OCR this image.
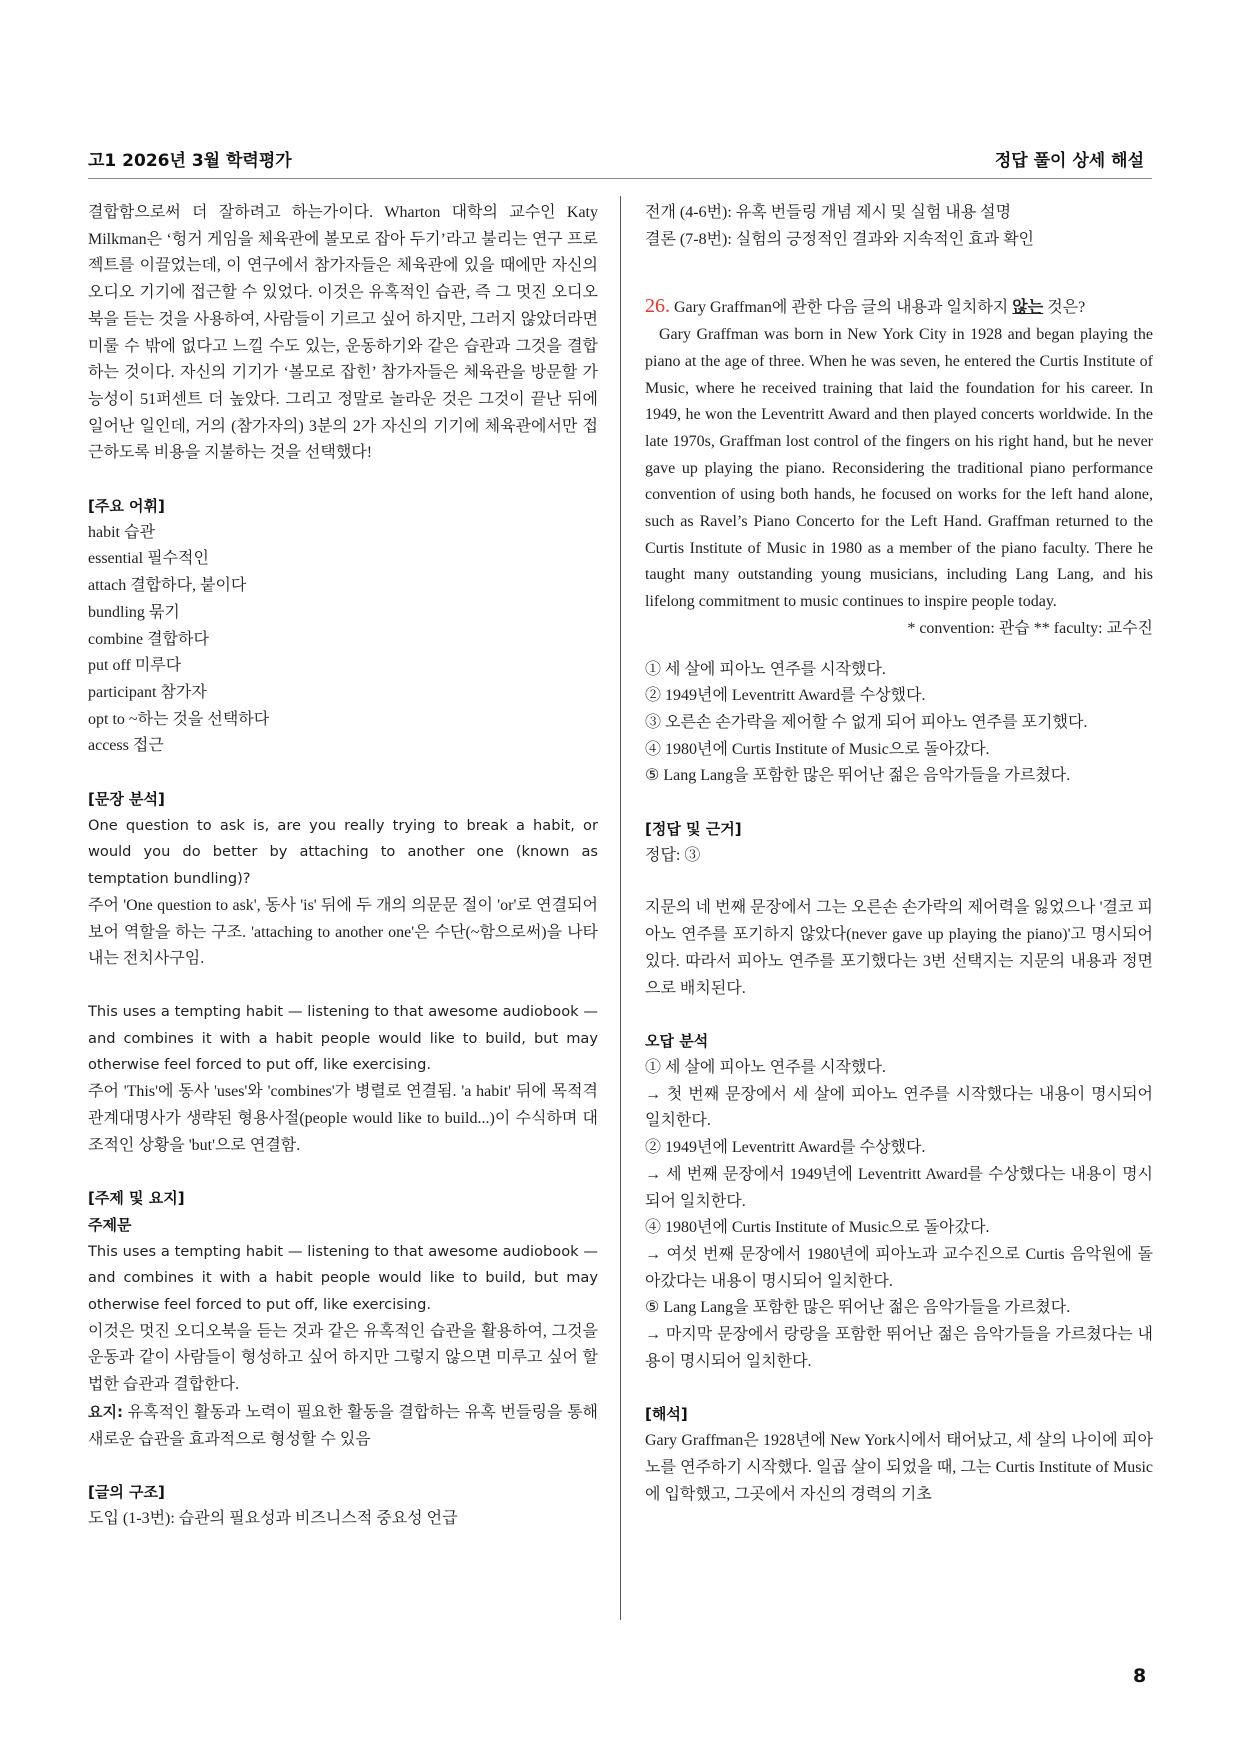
고1 2026년 3월 학력평가	정답 풀이 상세 해설

결합함으로써 더 잘하려고 하는가이다. Wharton 대학의 교수인 Katy Milkman은 ‘헝거 게임을 체육관에 볼모로 잡아 두기’라고 불리는 연구 프로젝트를 이끌었는데, 이 연구에서 참가자들은 체육관에 있을 때에만 자신의 오디오 기기에 접근할 수 있었다. 이것은 유혹적인 습관, 즉 그 멋진 오디오북을 듣는 것을 사용하여, 사람들이 기르고 싶어 하지만, 그러지 않았더라면 미룰 수 밖에 없다고 느낄 수도 있는, 운동하기와 같은 습관과 그것을 결합하는 것이다. 자신의 기기가 ‘볼모로 잡힌’ 참가자들은 체육관을 방문할 가능성이 51퍼센트 더 높았다. 그리고 정말로 놀라운 것은 그것이 끝난 뒤에 일어난 일인데, 거의 (참가자의) 3분의 2가 자신의 기기에 체육관에서만 접근하도록 비용을 지불하는 것을 선택했다!

[주요 어휘]

habit 습관
essential 필수적인
attach 결합하다, 붙이다
bundling 묶기
combine 결합하다
put off 미루다
participant 참가자
opt to ~하는 것을 선택하다
access 접근

[문장 분석]

One question to ask is, are you really trying to break a habit, or would you do better by attaching to another one (known as temptation bundling)?

주어 'One question to ask', 동사 'is' 뒤에 두 개의 의문문 절이 'or'로 연결되어 보어 역할을 하는 구조. 'attaching to another one'은 수단(~함으로써)을 나타내는 전치사구임.

This uses a tempting habit — listening to that awesome audiobook — and combines it with a habit people would like to build, but may otherwise feel forced to put off, like exercising.

주어 'This'에 동사 'uses'와 'combines'가 병렬로 연결됨. 'a habit' 뒤에 목적격 관계대명사가 생략된 형용사절(people would like to build...)이 수식하며 대조적인 상황을 'but'으로 연결함.

[주제 및 요지]

주제문

This uses a tempting habit — listening to that awesome audiobook — and combines it with a habit people would like to build, but may otherwise feel forced to put off, like exercising.

이것은 멋진 오디오북을 듣는 것과 같은 유혹적인 습관을 활용하여, 그것을 운동과 같이 사람들이 형성하고 싶어 하지만 그렇지 않으면 미루고 싶어 할 법한 습관과 결합한다.

요지: 유혹적인 활동과 노력이 필요한 활동을 결합하는 유혹 번들링을 통해 새로운 습관을 효과적으로 형성할 수 있음

[글의 구조]

도입 (1-3번): 습관의 필요성과 비즈니스적 중요성 언급
전개 (4-6번): 유혹 번들링 개념 제시 및 실험 내용 설명
결론 (7-8번): 실험의 긍정적인 결과와 지속적인 효과 확인

26. Gary Graffman에 관한 다음 글의 내용과 일치하지 않는 것은?

Gary Graffman was born in New York City in 1928 and began playing the piano at the age of three. When he was seven, he entered the Curtis Institute of Music, where he received training that laid the foundation for his career. In 1949, he won the Leventritt Award and then played concerts worldwide. In the late 1970s, Graffman lost control of the fingers on his right hand, but he never gave up playing the piano. Reconsidering the traditional piano performance convention of using both hands, he focused on works for the left hand alone, such as Ravel’s Piano Concerto for the Left Hand. Graffman returned to the Curtis Institute of Music in 1980 as a member of the piano faculty. There he taught many outstanding young musicians, including Lang Lang, and his lifelong commitment to music continues to inspire people today.

* convention: 관습 ** faculty: 교수진

① 세 살에 피아노 연주를 시작했다.
② 1949년에 Leventritt Award를 수상했다.
③ 오른손 손가락을 제어할 수 없게 되어 피아노 연주를 포기했다.
④ 1980년에 Curtis Institute of Music으로 돌아갔다.
⑤ Lang Lang을 포함한 많은 뛰어난 젊은 음악가들을 가르쳤다.

[정답 및 근거]

정답: ③

지문의 네 번째 문장에서 그는 오른손 손가락의 제어력을 잃었으나 '결코 피아노 연주를 포기하지 않았다(never gave up playing the piano)'고 명시되어 있다. 따라서 피아노 연주를 포기했다는 3번 선택지는 지문의 내용과 정면으로 배치된다.

오답 분석

① 세 살에 피아노 연주를 시작했다.

→ 첫 번째 문장에서 세 살에 피아노 연주를 시작했다는 내용이 명시되어 일치한다.

② 1949년에 Leventritt Award를 수상했다.

→ 세 번째 문장에서 1949년에 Leventritt Award를 수상했다는 내용이 명시되어 일치한다.

④ 1980년에 Curtis Institute of Music으로 돌아갔다.

→ 여섯 번째 문장에서 1980년에 피아노과 교수진으로 Curtis 음악원에 돌아갔다는 내용이 명시되어 일치한다.

⑤ Lang Lang을 포함한 많은 뛰어난 젊은 음악가들을 가르쳤다.

→ 마지막 문장에서 랑랑을 포함한 뛰어난 젊은 음악가들을 가르쳤다는 내용이 명시되어 일치한다.

[해석]

Gary Graffman은 1928년에 New York시에서 태어났고, 세 살의 나이에 피아노를 연주하기 시작했다. 일곱 살이 되었을 때, 그는 Curtis Institute of Music에 입학했고, 그곳에서 자신의 경력의 기초

8
